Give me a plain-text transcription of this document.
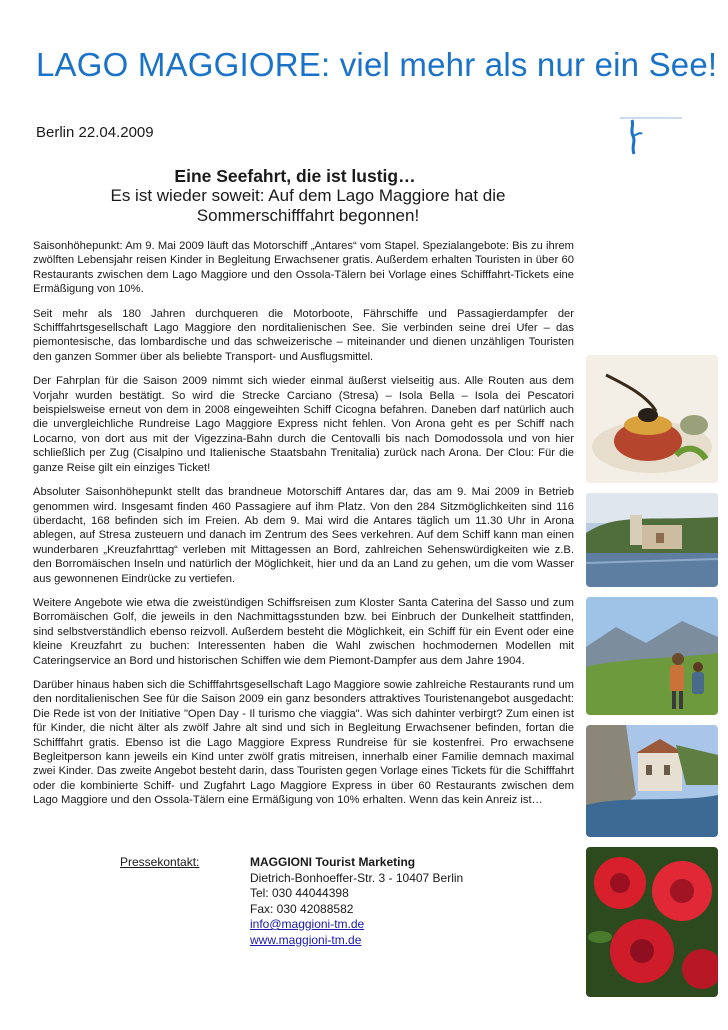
LAGO MAGGIORE: viel mehr als nur ein See!
Berlin 22.04.2009
Eine Seefahrt, die ist lustig…
Es ist wieder soweit: Auf dem Lago Maggiore hat die Sommerschifffahrt begonnen!

Saisonhöhepunkt: Am 9. Mai 2009 läuft das Motorschiff „Antares“ vom Stapel. Spezialangebote: Bis zu ihrem zwölften Lebensjahr reisen Kinder in Begleitung Erwachsener gratis. Außerdem erhalten Touristen in über 60 Restaurants zwischen dem Lago Maggiore und den Ossola-Tälern bei Vorlage eines Schifffahrt-Tickets eine Ermäßigung von 10%.

Seit mehr als 180 Jahren durchqueren die Motorboote, Fährschiffe und Passagierdampfer der Schifffahrtsgesellschaft Lago Maggiore den norditalienischen See. Sie verbinden seine drei Ufer – das piemontesische, das lombardische und das schweizerische – miteinander und dienen unzähligen Touristen den ganzen Sommer über als beliebte Transport- und Ausflugsmittel.

Der Fahrplan für die Saison 2009 nimmt sich wieder einmal äußerst vielseitig aus. Alle Routen aus dem Vorjahr wurden bestätigt. So wird die Strecke Carciano (Stresa) – Isola Bella – Isola dei Pescatori beispielsweise erneut von dem in 2008 eingeweihten Schiff Cicogna befahren. Daneben darf natürlich auch die unvergleichliche Rundreise Lago Maggiore Express nicht fehlen. Von Arona geht es per Schiff nach Locarno, von dort aus mit der Vigezzina-Bahn durch die Centovalli bis nach Domodossola und von hier schließlich per Zug (Cisalpino und Italienische Staatsbahn Trenitalia) zurück nach Arona. Der Clou: Für die ganze Reise gilt ein einziges Ticket!

Absoluter Saisonhöhepunkt stellt das brandneue Motorschiff Antares dar, das am 9. Mai 2009 in Betrieb genommen wird. Insgesamt finden 460 Passagiere auf ihm Platz. Von den 284 Sitzmöglichkeiten sind 116 überdacht, 168 befinden sich im Freien. Ab dem 9. Mai wird die Antares täglich um 11.30 Uhr in Arona ablegen, auf Stresa zusteuern und danach im Zentrum des Sees verkehren. Auf dem Schiff kann man einen wunderbaren „Kreuzfahrttag“ verleben mit Mittagessen an Bord, zahlreichen Sehenswürdigkeiten wie z.B. den Borromäischen Inseln und natürlich der Möglichkeit, hier und da an Land zu gehen, um die vom Wasser aus gewonnenen Eindrücke zu vertiefen.

Weitere Angebote wie etwa die zweistündigen Schiffsreisen zum Kloster Santa Caterina del Sasso und zum Borromäischen Golf, die jeweils in den Nachmittagsstunden bzw. bei Einbruch der Dunkelheit stattfinden, sind selbstverständlich ebenso reizvoll. Außerdem besteht die Möglichkeit, ein Schiff für ein Event oder eine kleine Kreuzfahrt zu buchen: Interessenten haben die Wahl zwischen hochmodernen Modellen mit Cateringservice an Bord und historischen Schiffen wie dem Piemont-Dampfer aus dem Jahre 1904.

Darüber hinaus haben sich die Schifffahrtsgesellschaft Lago Maggiore sowie zahlreiche Restaurants rund um den norditalienischen See für die Saison 2009 ein ganz besonders attraktives Touristenangebot ausgedacht: Die Rede ist von der Initiative "Open Day - Il turismo che viaggia". Was sich dahinter verbirgt? Zum einen ist für Kinder, die nicht älter als zwölf Jahre alt sind und sich in Begleitung Erwachsener befinden, fortan die Schifffahrt gratis. Ebenso ist die Lago Maggiore Express Rundreise für sie kostenfrei. Pro erwachsene Begleitperson kann jeweils ein Kind unter zwölf gratis mitreisen, innerhalb einer Familie demnach maximal zwei Kinder. Das zweite Angebot besteht darin, dass Touristen gegen Vorlage eines Tickets für die Schifffahrt oder die kombinierte Schiff- und Zugfahrt Lago Maggiore Express in über 60 Restaurants zwischen dem Lago Maggiore und den Ossola-Tälern eine Ermäßigung von 10% erhalten. Wenn das kein Anreiz ist…

Pressekontakt:	MAGGIONI Tourist Marketing
Dietrich-Bonhoeffer-Str. 3 - 10407 Berlin
Tel: 030 44044398
Fax: 030 42088582
info@maggioni-tm.de
www.maggioni-tm.de
